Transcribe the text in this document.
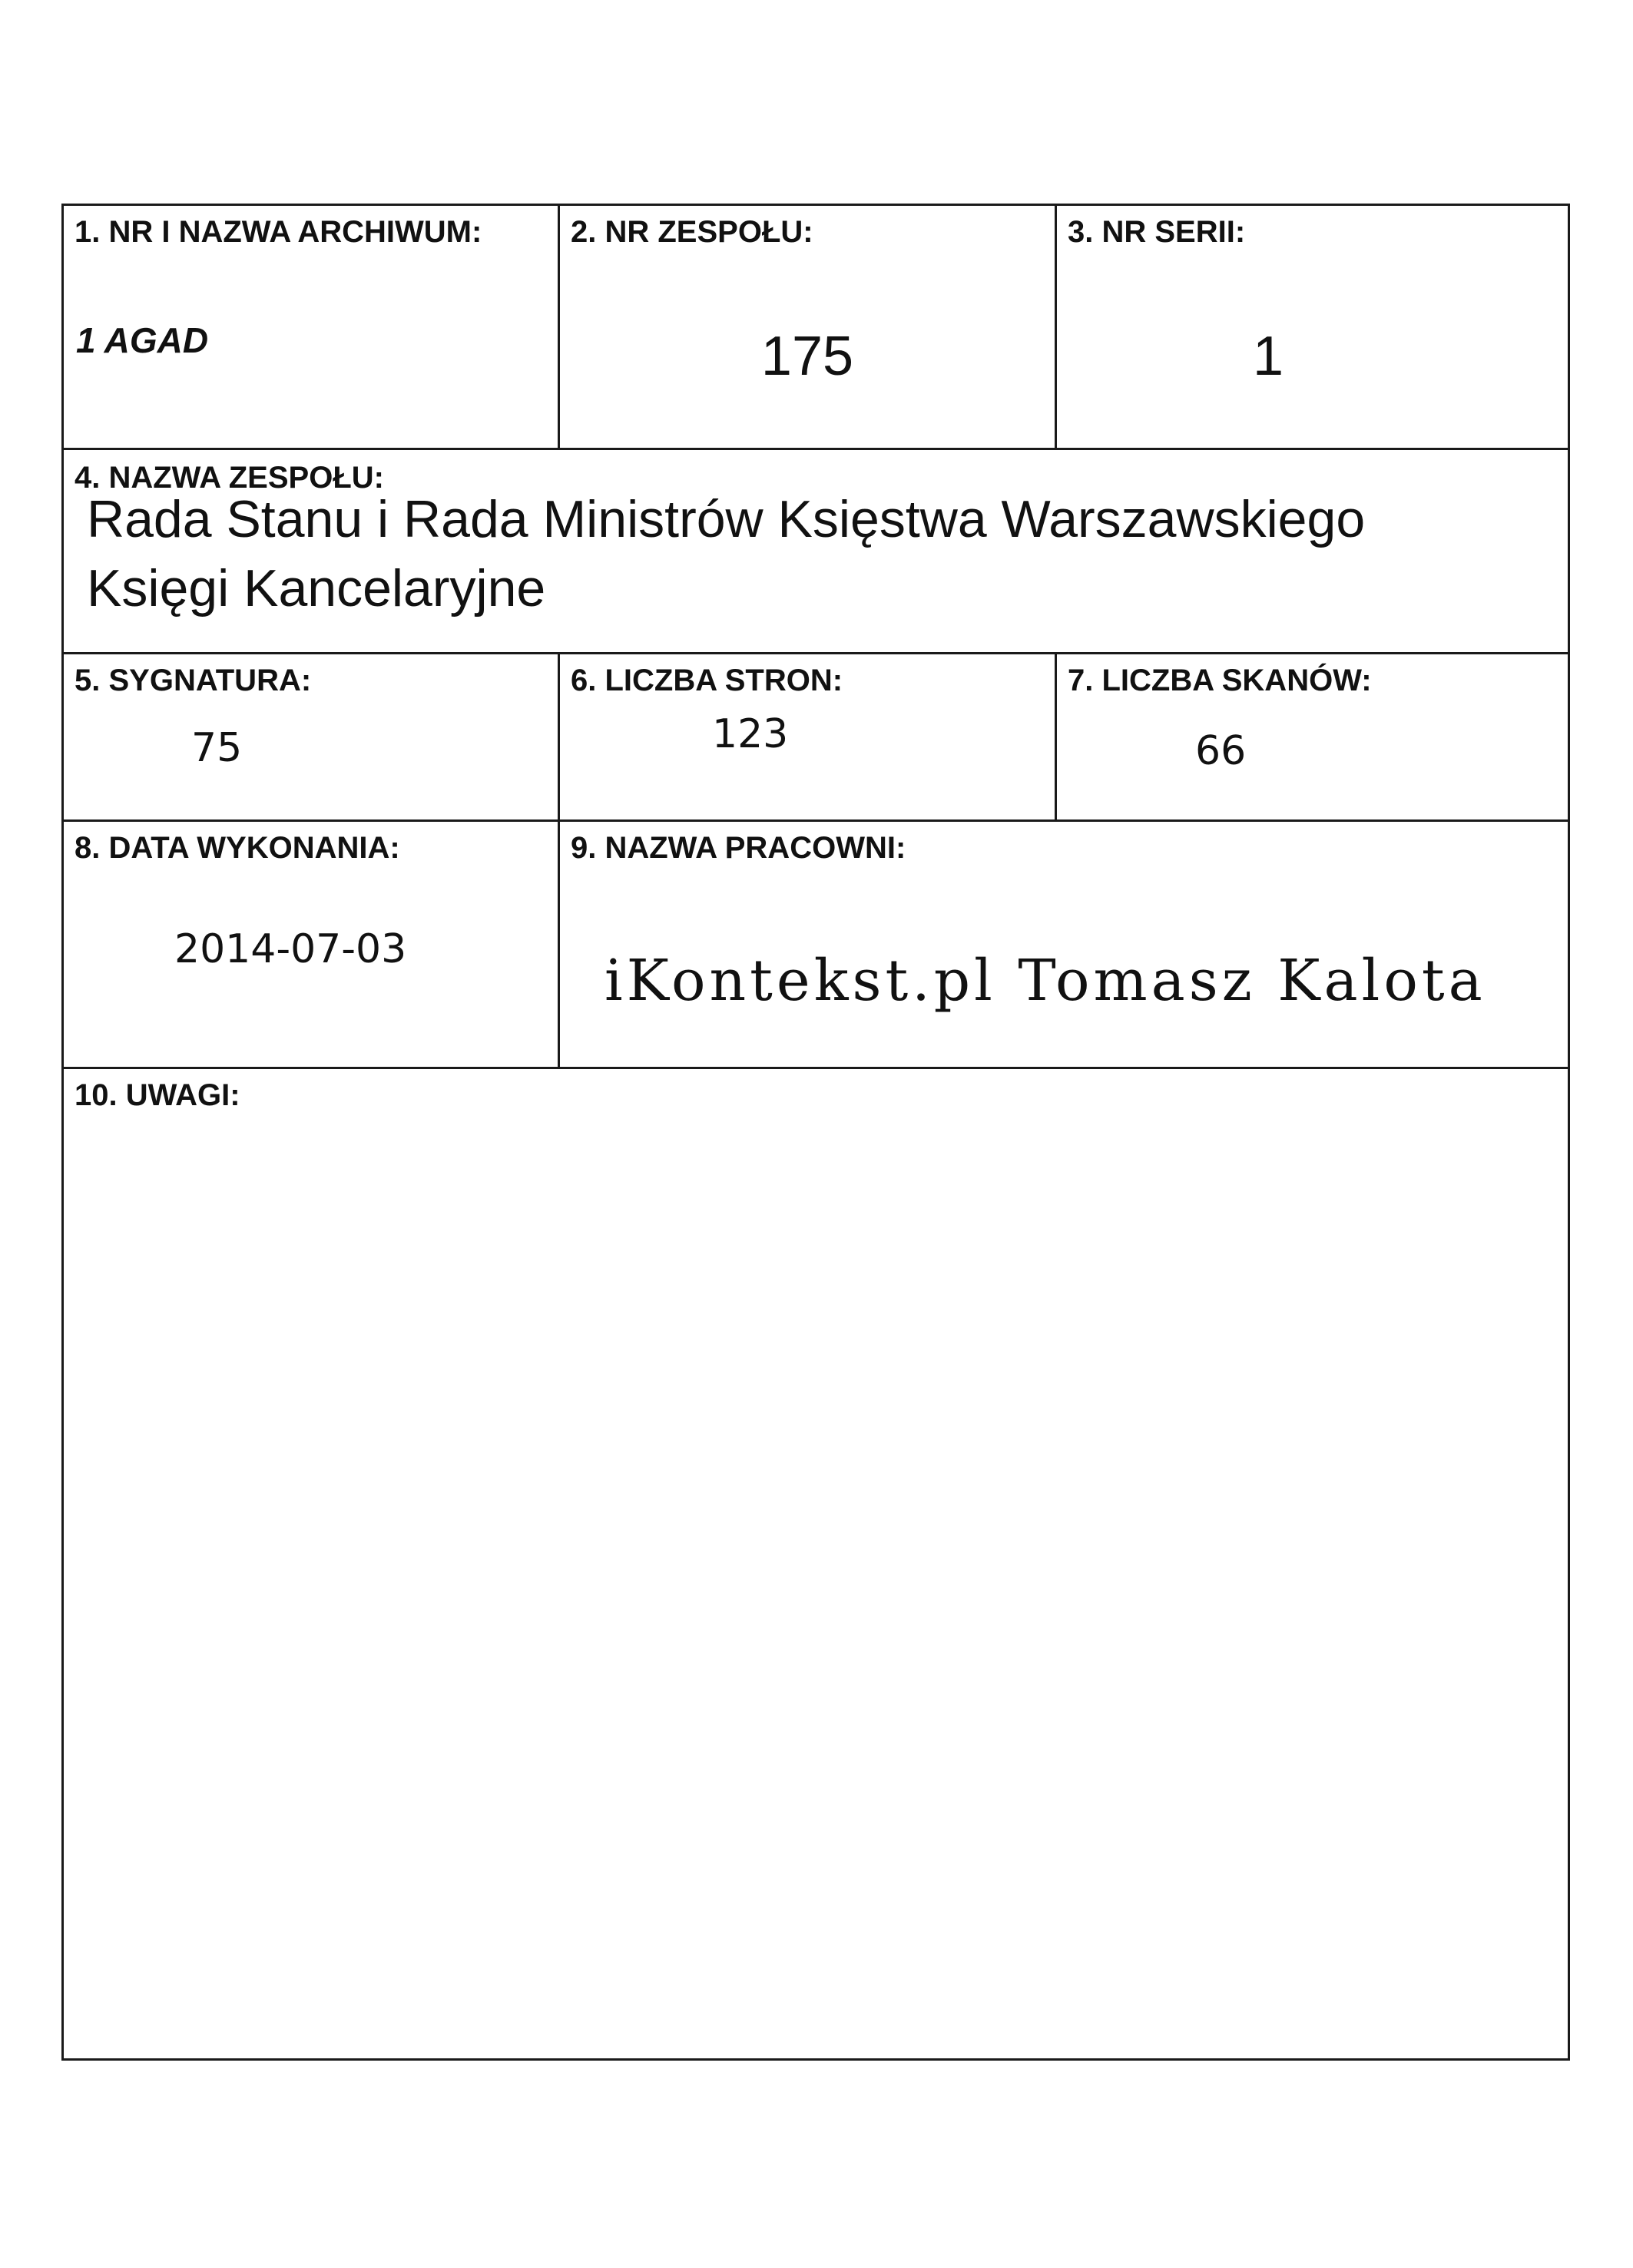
1. NR I NAZWA ARCHIWUM:
1 AGAD
2. NR ZESPOŁU:
175
3. NR SERII:
1
4. NAZWA ZESPOŁU:
Rada Stanu i Rada Ministrów Księstwa Warszawskiego
Księgi Kancelaryjne
5. SYGNATURA:
75
6. LICZBA STRON:
123
7. LICZBA SKANÓW:
66
8. DATA WYKONANIA:
2014-07-03
9. NAZWA PRACOWNI:
iKontekst.pl Tomasz Kalota
10. UWAGI:
